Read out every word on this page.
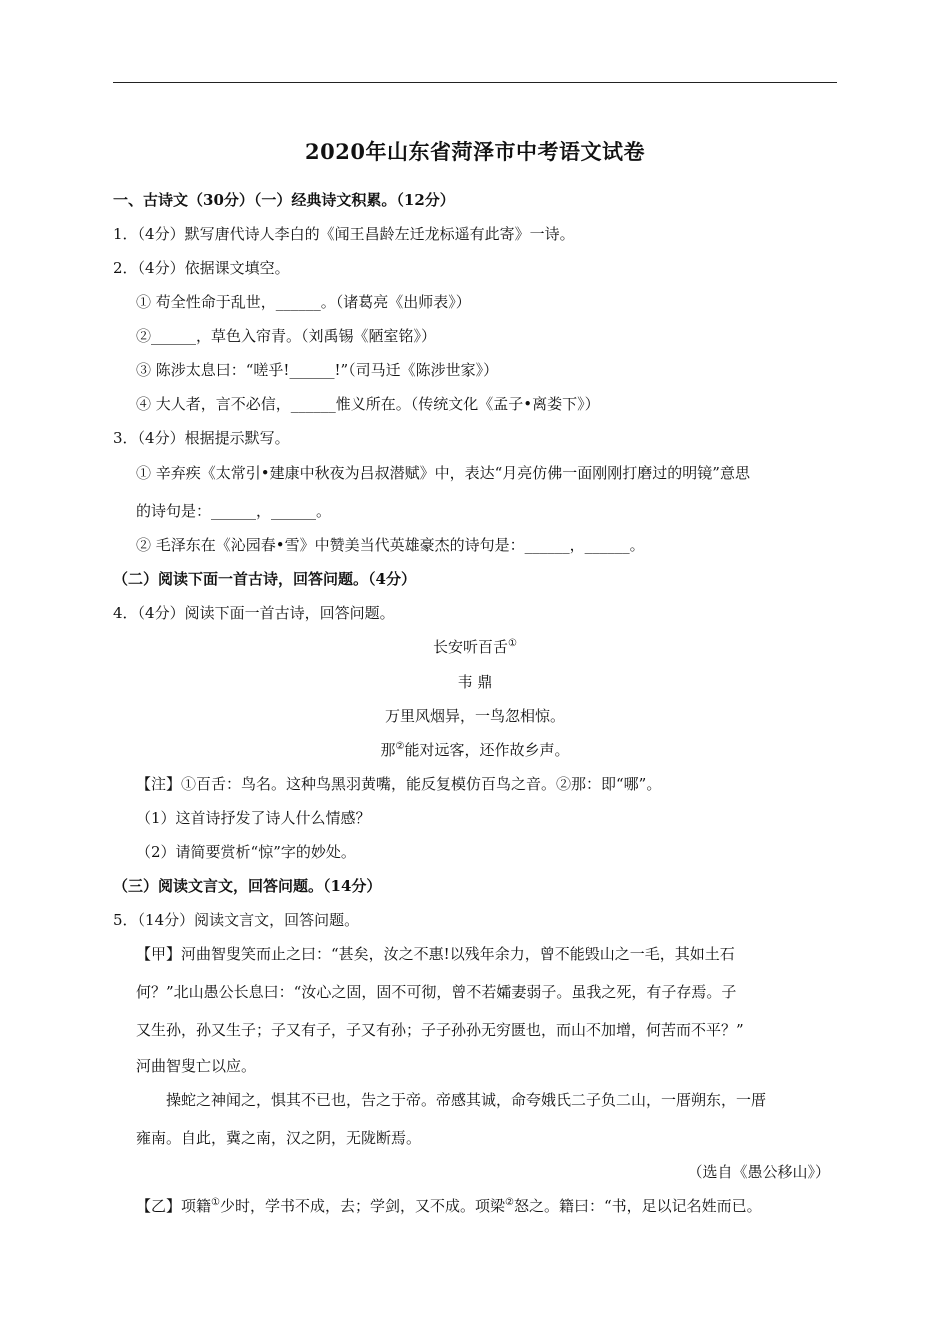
2020年山东省菏泽市中考语文试卷
一、古诗文（30分）（一）经典诗文积累。（12分）
1．（4分）默写唐代诗人李白的《闻王昌龄左迁龙标遥有此寄》一诗。
2．（4分）依据课文填空。
① 苟全性命于乱世，______。（诸葛亮《出师表》）
②______，草色入帘青。（刘禹锡《陋室铭》）
③ 陈涉太息曰：“嗟乎!______!”（司马迁《陈涉世家》）
④ 大人者，言不必信，______惟义所在。（传统文化《孟子•离娄下》）
3．（4分）根据提示默写。
① 辛弃疾《太常引•建康中秋夜为吕叔潜赋》中，表达“月亮仿佛一面刚刚打磨过的明镜”意思
的诗句是：______，______。
② 毛泽东在《沁园春•雪》中赞美当代英雄豪杰的诗句是：______，______。
（二）阅读下面一首古诗，回答问题。（4分）
4．（4分）阅读下面一首古诗，回答问题。
长安听百舌①
韦 鼎
万里风烟异，一鸟忽相惊。
那②能对远客，还作故乡声。
【注】①百舌：鸟名。这种鸟黑羽黄嘴，能反复模仿百鸟之音。②那：即“哪”。
（1）这首诗抒发了诗人什么情感？
（2）请简要赏析“惊”字的妙处。
（三）阅读文言文，回答问题。（14分）
5．（14分）阅读文言文，回答问题。
【甲】河曲智叟笑而止之曰：“甚矣，汝之不惠!以残年余力，曾不能毁山之一毛，其如土石
何？”北山愚公长息曰：“汝心之固，固不可彻，曾不若孀妻弱子。虽我之死，有子存焉。子
又生孙，孙又生子；子又有子，子又有孙；子子孙孙无穷匮也，而山不加增，何苦而不平？”
河曲智叟亡以应。
操蛇之神闻之，惧其不已也，告之于帝。帝感其诚，命夸娥氏二子负二山，一厝朔东，一厝
雍南。自此，冀之南，汉之阴，无陇断焉。
（选自《愚公移山》）
【乙】项籍①少时，学书不成，去；学剑，又不成。项梁②怒之。籍曰：“书，足以记名姓而已。
